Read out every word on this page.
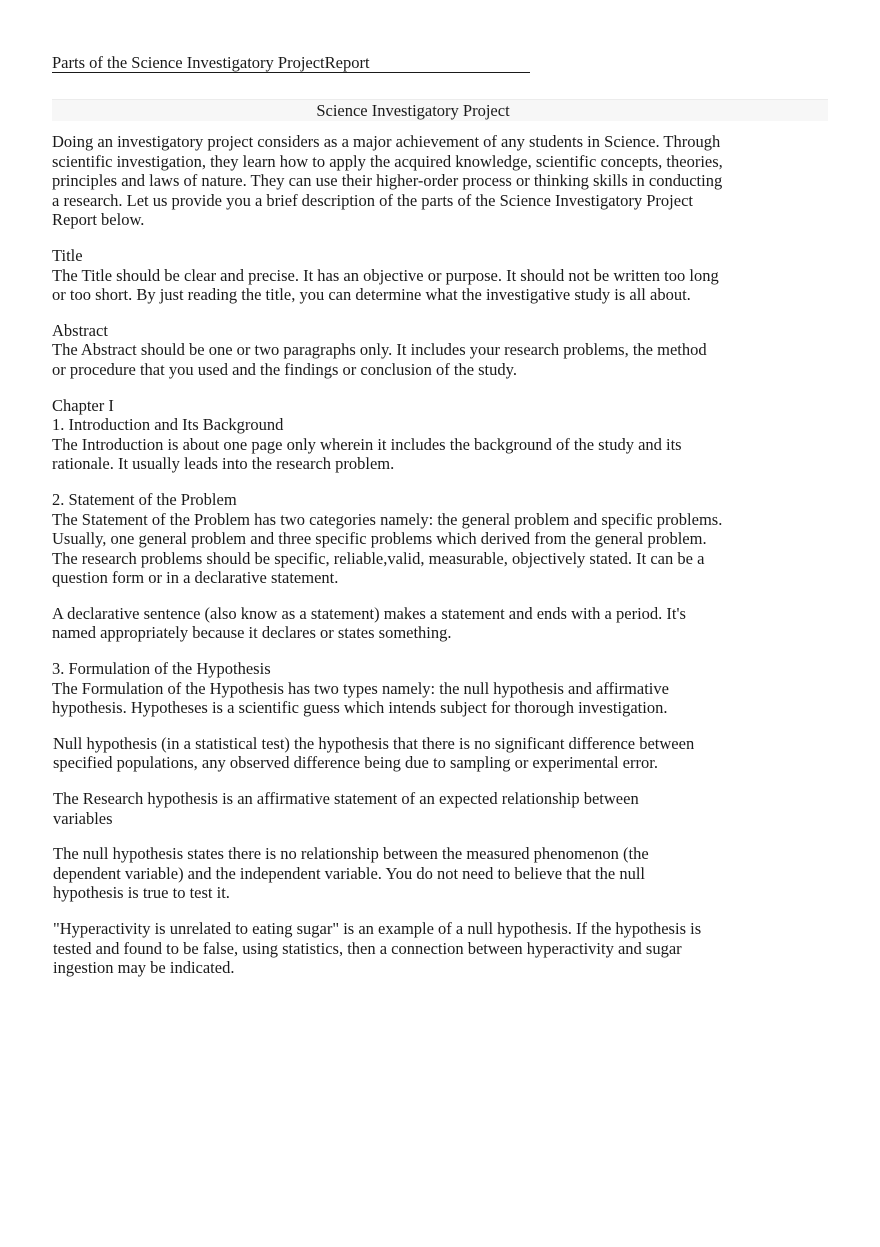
Parts of the Science Investigatory ProjectReport
Science Investigatory Project
Doing an investigatory project considers as a major achievement of any students in Science. Through
scientific investigation, they learn how to apply the acquired knowledge, scientific concepts, theories,
principles and laws of nature. They can use their higher-order process or thinking skills in conducting
a research. Let us provide you a brief description of the parts of the Science Investigatory Project
Report below.
Title
The Title should be clear and precise. It has an objective or purpose. It should not be written too long
or too short. By just reading the title, you can determine what the investigative study is all about.
Abstract
The Abstract should be one or two paragraphs only. It includes your research problems, the method
or procedure that you used and the findings or conclusion of the study.
Chapter I
1. Introduction and Its Background
The Introduction is about one page only wherein it includes the background of the study and its
rationale. It usually leads into the research problem.
2. Statement of the Problem
The Statement of the Problem has two categories namely: the general problem and specific problems.
Usually, one general problem and three specific problems which derived from the general problem.
The research problems should be specific, reliable,valid, measurable, objectively stated. It can be a
question form or in a declarative statement.
A declarative sentence (also know as a statement) makes a statement and ends with a period. It's
named appropriately because it declares or states something.
3. Formulation of the Hypothesis
The Formulation of the Hypothesis has two types namely: the null hypothesis and affirmative
hypothesis. Hypotheses is a scientific guess which intends subject for thorough investigation.
Null hypothesis (in a statistical test) the hypothesis that there is no significant difference between
specified populations, any observed difference being due to sampling or experimental error.
The Research hypothesis is an affirmative statement of an expected relationship between
variables
The null hypothesis states there is no relationship between the measured phenomenon (the
dependent variable) and the independent variable. You do not need to believe that the null
hypothesis is true to test it.
"Hyperactivity is unrelated to eating sugar" is an example of a null hypothesis. If the hypothesis is
tested and found to be false, using statistics, then a connection between hyperactivity and sugar
ingestion may be indicated.
